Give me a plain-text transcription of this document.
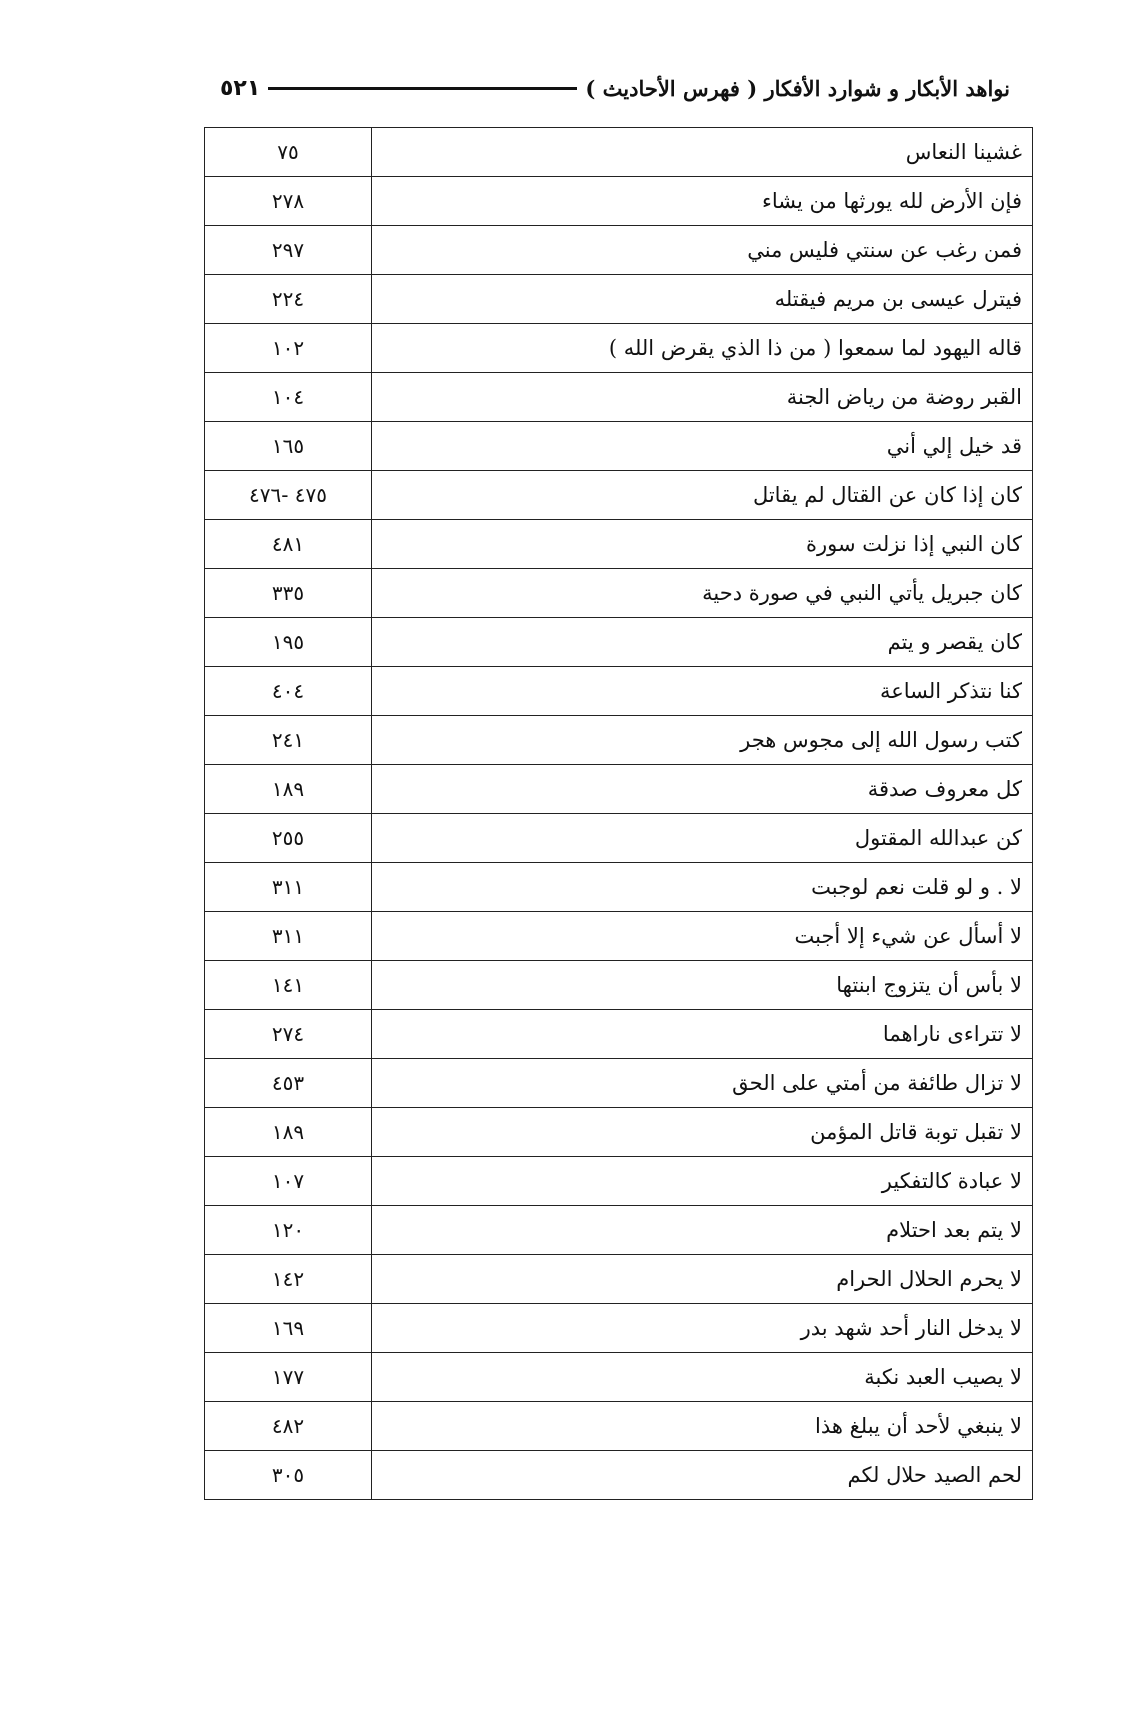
٥٢١	نواهد الأبكار و شوارد الأفكار ( فهرس الأحاديث )
غشينا النعاس	٧٥
فإن الأرض لله يورثها من يشاء	٢٧٨
فمن رغب عن سنتي فليس مني	٢٩٧
فيترل عيسى بن مريم فيقتله	٢٢٤
قاله اليهود لما سمعوا ( من ذا الذي يقرض الله )	١٠٢
القبر روضة من رياض الجنة	١٠٤
قد خيل إلي أني	١٦٥
كان إذا كان عن القتال لم يقاتل	٤٧٥ -٤٧٦
كان النبي إذا نزلت سورة	٤٨١
كان جبريل يأتي النبي في صورة دحية	٣٣٥
كان يقصر و يتم	١٩٥
كنا نتذكر الساعة	٤٠٤
كتب رسول الله إلى مجوس هجر	٢٤١
كل معروف صدقة	١٨٩
كن عبدالله المقتول	٢٥٥
لا . و لو قلت نعم لوجبت	٣١١
لا أسأل عن شيء إلا أجبت	٣١١
لا بأس أن يتزوج ابنتها	١٤١
لا تتراءى ناراهما	٢٧٤
لا تزال طائفة من أمتي على الحق	٤٥٣
لا تقبل توبة قاتل المؤمن	١٨٩
لا عبادة كالتفكير	١٠٧
لا يتم بعد احتلام	١٢٠
لا يحرم الحلال الحرام	١٤٢
لا يدخل النار أحد شهد بدر	١٦٩
لا يصيب العبد نكبة	١٧٧
لا ينبغي لأحد أن يبلغ هذا	٤٨٢
لحم الصيد حلال لكم	٣٠٥
